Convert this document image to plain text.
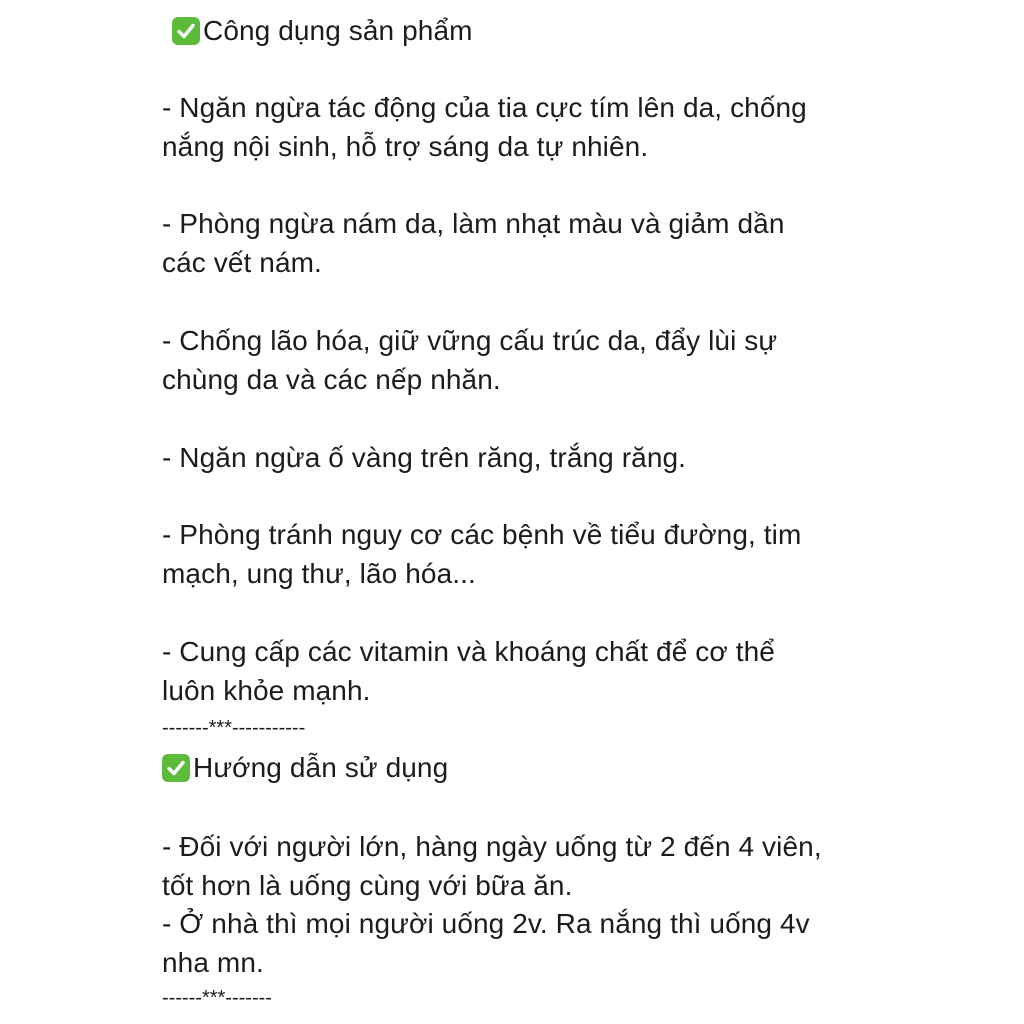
Công dụng sản phẩm
- Ngăn ngừa tác động của tia cực tím lên da, chống
nắng nội sinh, hỗ trợ sáng da tự nhiên.
- Phòng ngừa nám da, làm nhạt màu và giảm dần
các vết nám.
- Chống lão hóa, giữ vững cấu trúc da, đẩy lùi sự
chùng da và các nếp nhăn.
- Ngăn ngừa ố vàng trên răng, trắng răng.
- Phòng tránh nguy cơ các bệnh về tiểu đường, tim
mạch, ung thư, lão hóa...
- Cung cấp các vitamin và khoáng chất để cơ thể
luôn khỏe mạnh.
-------***-----------
Hướng dẫn sử dụng
- Đối với người lớn, hàng ngày uống từ 2 đến 4 viên,
tốt hơn là uống cùng với bữa ăn.
- Ở nhà thì mọi người uống 2v. Ra nắng thì uống 4v
nha mn.
------***-------
